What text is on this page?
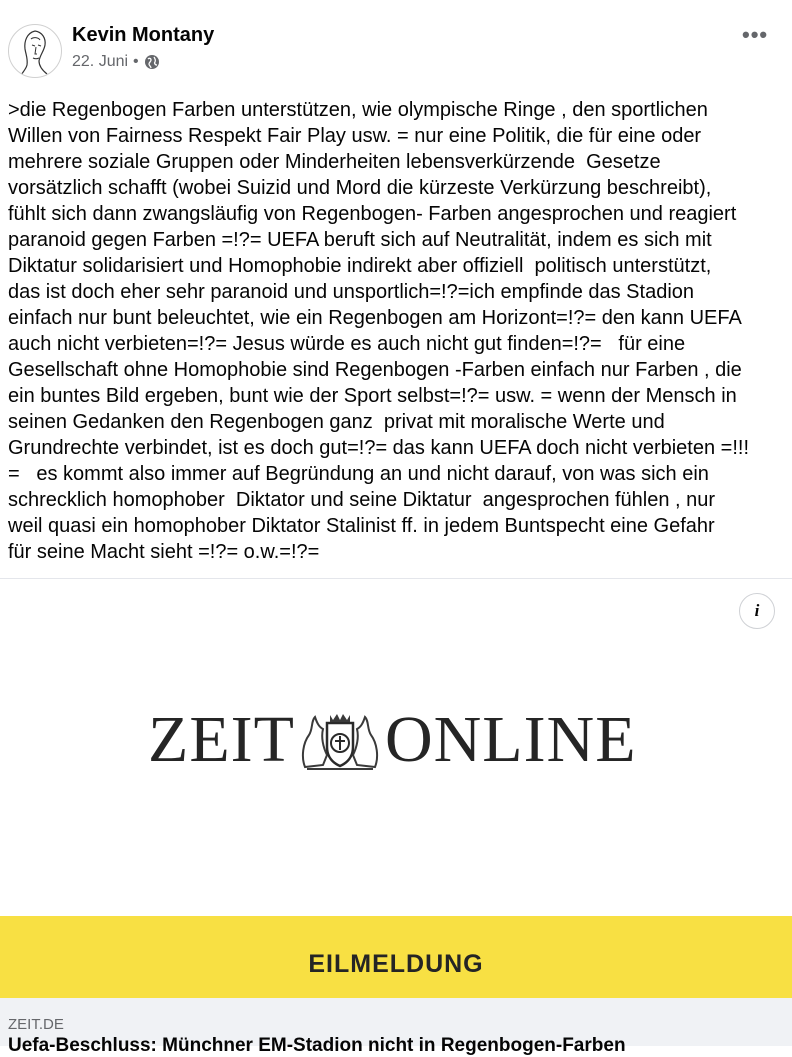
Kevin Montany
22. Juni •
•••

>die Regenbogen Farben unterstützen, wie olympische Ringe , den sportlichen
Willen von Fairness Respekt Fair Play usw. = nur eine Politik, die für eine oder
mehrere soziale Gruppen oder Minderheiten lebensverkürzende  Gesetze
vorsätzlich schafft (wobei Suizid und Mord die kürzeste Verkürzung beschreibt),
fühlt sich dann zwangsläufig von Regenbogen- Farben angesprochen und reagiert
paranoid gegen Farben =!?= UEFA beruft sich auf Neutralität, indem es sich mit
Diktatur solidarisiert und Homophobie indirekt aber offiziell  politisch unterstützt,
das ist doch eher sehr paranoid und unsportlich=!?=ich empfinde das Stadion
einfach nur bunt beleuchtet, wie ein Regenbogen am Horizont=!?= den kann UEFA
auch nicht verbieten=!?= Jesus würde es auch nicht gut finden=!?=   für eine
Gesellschaft ohne Homophobie sind Regenbogen -Farben einfach nur Farben , die
ein buntes Bild ergeben, bunt wie der Sport selbst=!?= usw. = wenn der Mensch in
seinen Gedanken den Regenbogen ganz  privat mit moralische Werte und
Grundrechte verbindet, ist es doch gut=!?= das kann UEFA doch nicht verbieten =!!!
=   es kommt also immer auf Begründung an und nicht darauf, von was sich ein
schrecklich homophober  Diktator und seine Diktatur  angesprochen fühlen , nur
weil quasi ein homophober Diktator Stalinist ff. in jedem Buntspecht eine Gefahr
für seine Macht sieht =!?= o.w.=!?=

i
ZEIT ONLINE
EILMELDUNG
ZEIT.DE
Uefa-Beschluss: Münchner EM-Stadion nicht in Regenbogen-Farben
